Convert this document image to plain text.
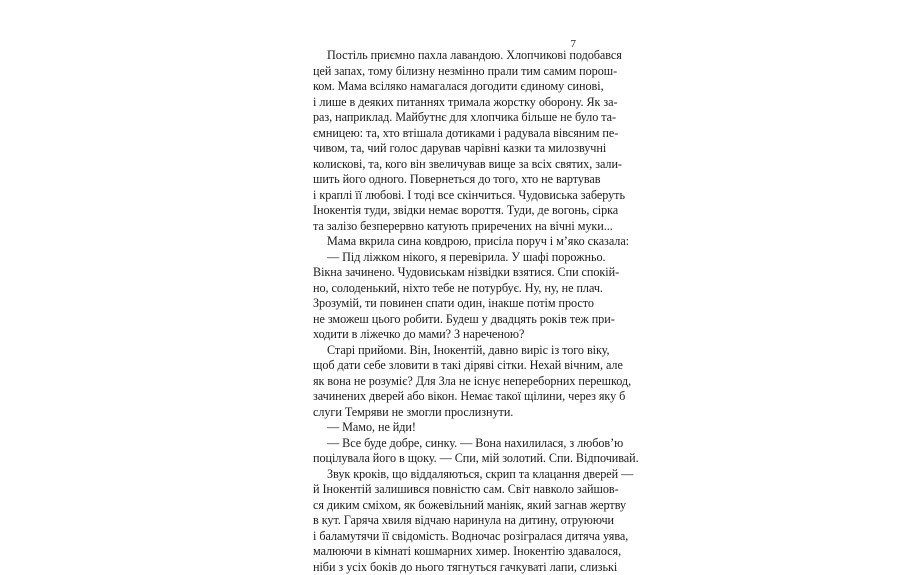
7
Постіль приємно пахла лавандою. Хлопчикові подобався
цей запах, тому білизну незмінно прали тим самим порош-
ком. Мама всіляко намагалася догодити єдиному синові,
і лише в деяких питаннях тримала жорстку оборону. Як за-
раз, наприклад. Майбутнє для хлопчика більше не було та-
ємницею: та, хто втішала дотиками і радувала вівсяним пе-
чивом, та, чий голос дарував чарівні казки та милозвучні
колискові, та, кого він звеличував вище за всіх святих, зали-
шить його одного. Повернеться до того, хто не вартував
і краплі її любові. І тоді все скінчиться. Чудовиська заберуть
Інокентія туди, звідки немає вороття. Туди, де вогонь, сірка
та залізо безперервно катують приречених на вічні муки...
Мама вкрила сина ковдрою, присіла поруч і м’яко сказала:
— Під ліжком нікого, я перевірила. У шафі порожньо.
Вікна зачинено. Чудовиськам нізвідки взятися. Спи спокій-
но, солоденький, ніхто тебе не потурбує. Ну, ну, не плач.
Зрозумій, ти повинен спати один, інакше потім просто
не зможеш цього робити. Будеш у двадцять років теж при-
ходити в ліжечко до мами? З нареченою?
Старі прийоми. Він, Інокентій, давно виріс із того віку,
щоб дати себе зловити в такі діряві сітки. Нехай вічним, але
як вона не розуміє? Для Зла не існує непереборних перешкод,
зачинених дверей або вікон. Немає такої щілини, через яку б
слуги Темряви не змогли прослизнути.
— Мамо, не йди!
— Все буде добре, синку. — Вона нахилилася, з любов’ю
поцілувала його в щоку. — Спи, мій золотий. Спи. Відпочивай.
Звук кроків, що віддаляються, скрип та клацання дверей —
й Інокентій залишився повністю сам. Світ навколо зайшов-
ся диким сміхом, як божевільний маніяк, який загнав жертву
в кут. Гаряча хвиля відчаю наринула на дитину, отруюючи
і баламутячи її свідомість. Водночас розігралася дитяча уява,
малюючи в кімнаті кошмарних химер. Інокентію здавалося,
ніби з усіх боків до нього тягнуться гачкуваті лапи, слизькі
